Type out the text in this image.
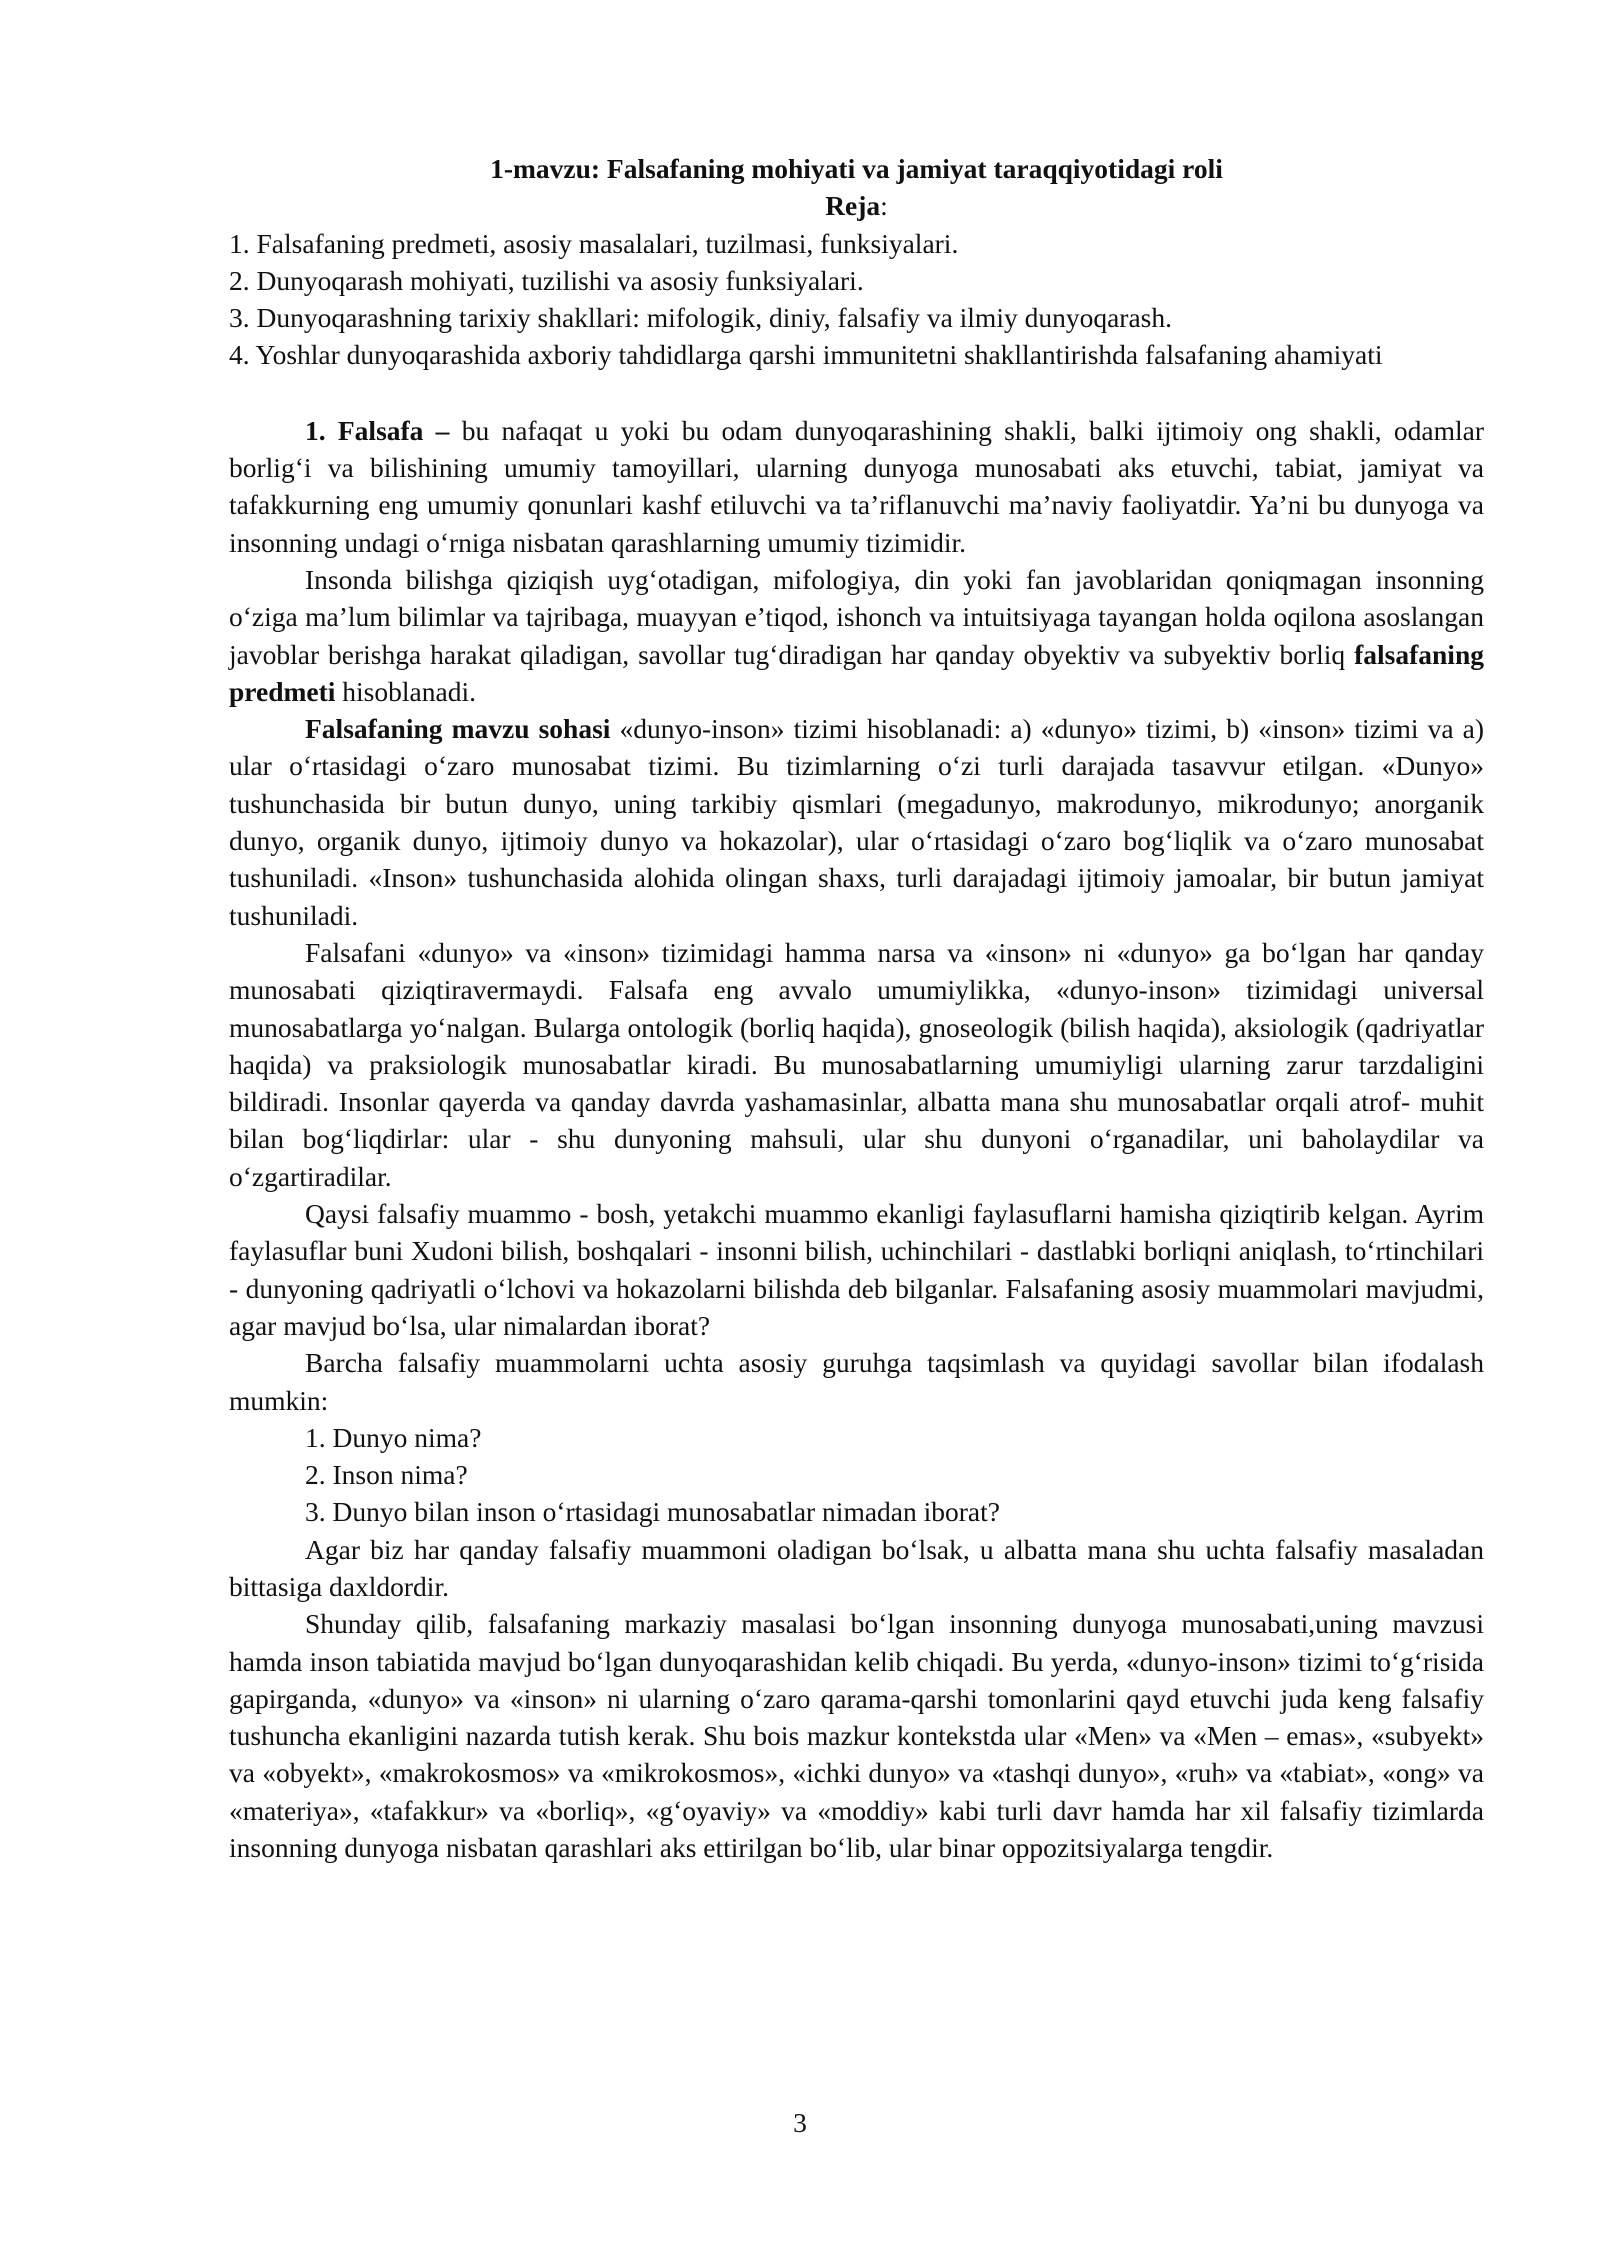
1-mavzu: Falsafaning mohiyati va jamiyat taraqqiyotidagi roli
Reja:
1. Falsafaning predmeti, asosiy masalalari, tuzilmasi, funksiyalari.
2. Dunyoqarash mohiyati, tuzilishi va asosiy funksiyalari.
3. Dunyoqarashning tarixiy shakllari: mifologik, diniy, falsafiy va ilmiy dunyoqarash.
4. Yoshlar dunyoqarashida axboriy tahdidlarga qarshi immunitetni shakllantirishda falsafaning ahamiyati

1. Falsafa – bu nafaqat u yoki bu odam dunyoqarashining shakli, balki ijtimoiy ong shakli, odamlar borlig‘i va bilishining umumiy tamoyillari, ularning dunyoga munosabati aks etuvchi, tabiat, jamiyat va tafakkurning eng umumiy qonunlari kashf etiluvchi va ta’riflanuvchi ma’naviy faoliyatdir. Ya’ni bu dunyoga va insonning undagi o‘rniga nisbatan qarashlarning umumiy tizimidir.

Insonda bilishga qiziqish uyg‘otadigan, mifologiya, din yoki fan javoblaridan qoniqmagan insonning o‘ziga ma’lum bilimlar va tajribaga, muayyan e’tiqod, ishonch va intuitsiyaga tayangan holda oqilona asoslangan javoblar berishga harakat qiladigan, savollar tug‘diradigan har qanday obyektiv va subyektiv borliq falsafaning predmeti hisoblanadi.

Falsafaning mavzu sohasi «dunyo-inson» tizimi hisoblanadi: a) «dunyo» tizimi, b) «inson» tizimi va a) ular o‘rtasidagi o‘zaro munosabat tizimi. Bu tizimlarning o‘zi turli darajada tasavvur etilgan. «Dunyo» tushunchasida bir butun dunyo, uning tarkibiy qismlari (megadunyo, makrodunyo, mikrodunyo; anorganik dunyo, organik dunyo, ijtimoiy dunyo va hokazolar), ular o‘rtasidagi o‘zaro bog‘liqlik va o‘zaro munosabat tushuniladi. «Inson» tushunchasida alohida olingan shaxs, turli darajadagi ijtimoiy jamoalar, bir butun jamiyat tushuniladi.

Falsafani «dunyo» va «inson» tizimidagi hamma narsa va «inson» ni «dunyo» ga bo‘lgan har qanday munosabati qiziqtiravermaydi. Falsafa eng avvalo umumiylikka, «dunyo-inson» tizimidagi universal munosabatlarga yo‘nalgan. Bularga ontologik (borliq haqida), gnoseologik (bilish haqida), aksiologik (qadriyatlar haqida) va praksiologik munosabatlar kiradi. Bu munosabatlarning umumiyligi ularning zarur tarzdaligini bildiradi. Insonlar qayerda va qanday davrda yashamasinlar, albatta mana shu munosabatlar orqali atrof- muhit bilan bog‘liqdirlar: ular - shu dunyoning mahsuli, ular shu dunyoni o‘rganadilar, uni baholaydilar va o‘zgartiradilar.

Qaysi falsafiy muammo - bosh, yetakchi muammo ekanligi faylasuflarni hamisha qiziqtirib kelgan. Ayrim faylasuflar buni Xudoni bilish, boshqalari - insonni bilish, uchinchilari - dastlabki borliqni aniqlash, to‘rtinchilari - dunyoning qadriyatli o‘lchovi va hokazolarni bilishda deb bilganlar. Falsafaning asosiy muammolari mavjudmi, agar mavjud bo‘lsa, ular nimalardan iborat?

Barcha falsafiy muammolarni uchta asosiy guruhga taqsimlash va quyidagi savollar bilan ifodalash mumkin:

1. Dunyo nima?
2. Inson nima?
3. Dunyo bilan inson o‘rtasidagi munosabatlar nimadan iborat?

Agar biz har qanday falsafiy muammoni oladigan bo‘lsak, u albatta mana shu uchta falsafiy masaladan bittasiga daxldordir.

Shunday qilib, falsafaning markaziy masalasi bo‘lgan insonning dunyoga munosabati,uning mavzusi hamda inson tabiatida mavjud bo‘lgan dunyoqarashidan kelib chiqadi. Bu yerda, «dunyo-inson» tizimi to‘g‘risida gapirganda, «dunyo» va «inson» ni ularning o‘zaro qarama-qarshi tomonlarini qayd etuvchi juda keng falsafiy tushuncha ekanligini nazarda tutish kerak. Shu bois mazkur kontekstda ular «Men» va «Men – emas», «subyekt» va «obyekt», «makrokosmos» va «mikrokosmos», «ichki dunyo» va «tashqi dunyo», «ruh» va «tabiat», «ong» va «materiya», «tafakkur» va «borliq», «g‘oyaviy» va «moddiy» kabi turli davr hamda har xil falsafiy tizimlarda insonning dunyoga nisbatan qarashlari aks ettirilgan bo‘lib, ular binar oppozitsiyalarga tengdir.

3
